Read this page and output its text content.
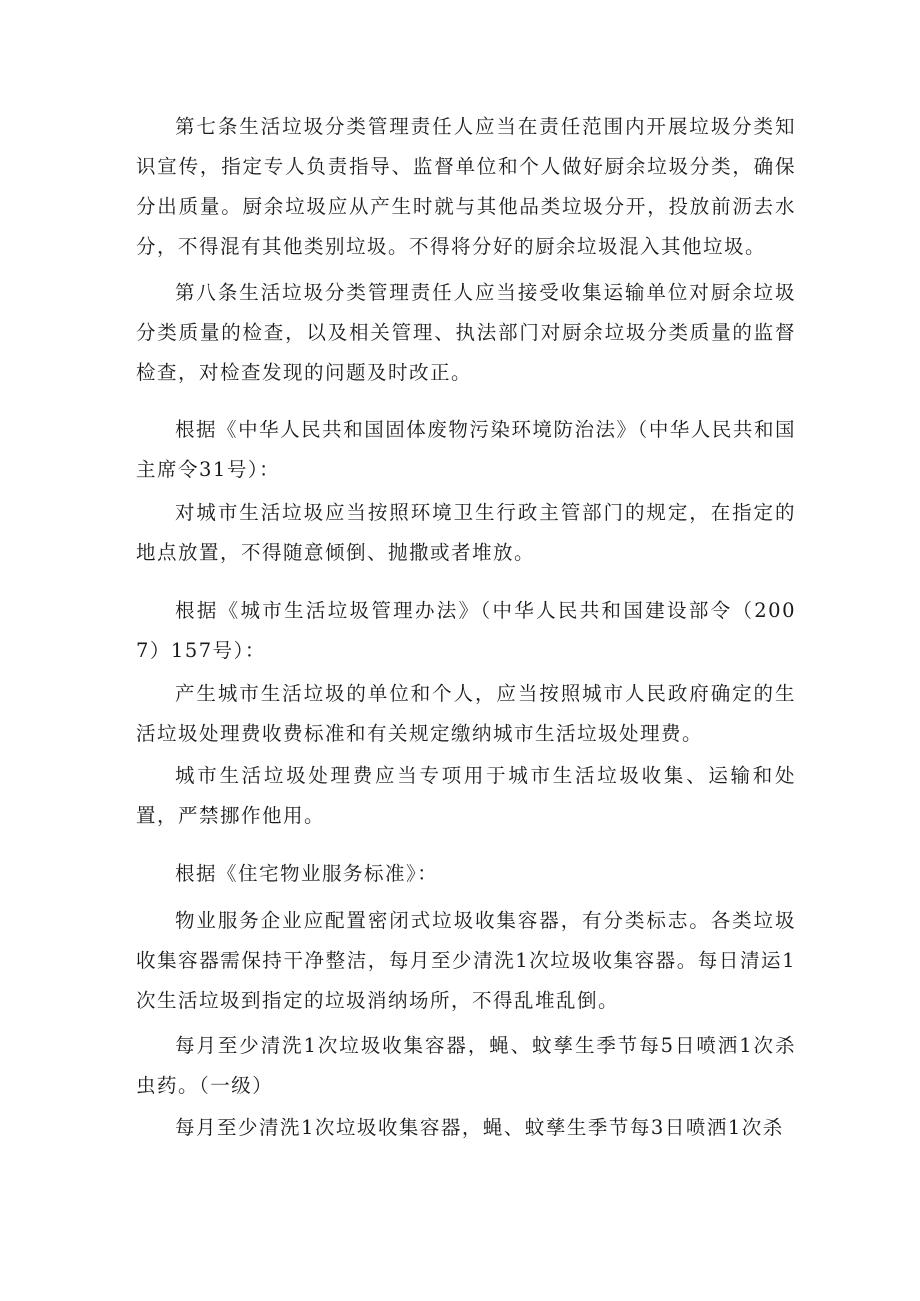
第七条生活垃圾分类管理责任人应当在责任范围内开展垃圾分类知识宣传，指定专人负责指导、监督单位和个人做好厨余垃圾分类，确保分出质量。厨余垃圾应从产生时就与其他品类垃圾分开，投放前沥去水分，不得混有其他类别垃圾。不得将分好的厨余垃圾混入其他垃圾。

第八条生活垃圾分类管理责任人应当接受收集运输单位对厨余垃圾分类质量的检查，以及相关管理、执法部门对厨余垃圾分类质量的监督检查，对检查发现的问题及时改正。

根据《中华人民共和国固体废物污染环境防治法》（中华人民共和国主席令31号）：

对城市生活垃圾应当按照环境卫生行政主管部门的规定，在指定的地点放置，不得随意倾倒、抛撒或者堆放。

根据《城市生活垃圾管理办法》（中华人民共和国建设部令（2007）157号）：

产生城市生活垃圾的单位和个人，应当按照城市人民政府确定的生活垃圾处理费收费标准和有关规定缴纳城市生活垃圾处理费。

城市生活垃圾处理费应当专项用于城市生活垃圾收集、运输和处置，严禁挪作他用。

根据《住宅物业服务标准》：

物业服务企业应配置密闭式垃圾收集容器，有分类标志。各类垃圾收集容器需保持干净整洁，每月至少清洗1次垃圾收集容器。每日清运1次生活垃圾到指定的垃圾消纳场所，不得乱堆乱倒。

每月至少清洗1次垃圾收集容器，蝇、蚊孳生季节每5日喷洒1次杀虫药。（一级）

每月至少清洗1次垃圾收集容器，蝇、蚊孳生季节每3日喷洒1次杀
